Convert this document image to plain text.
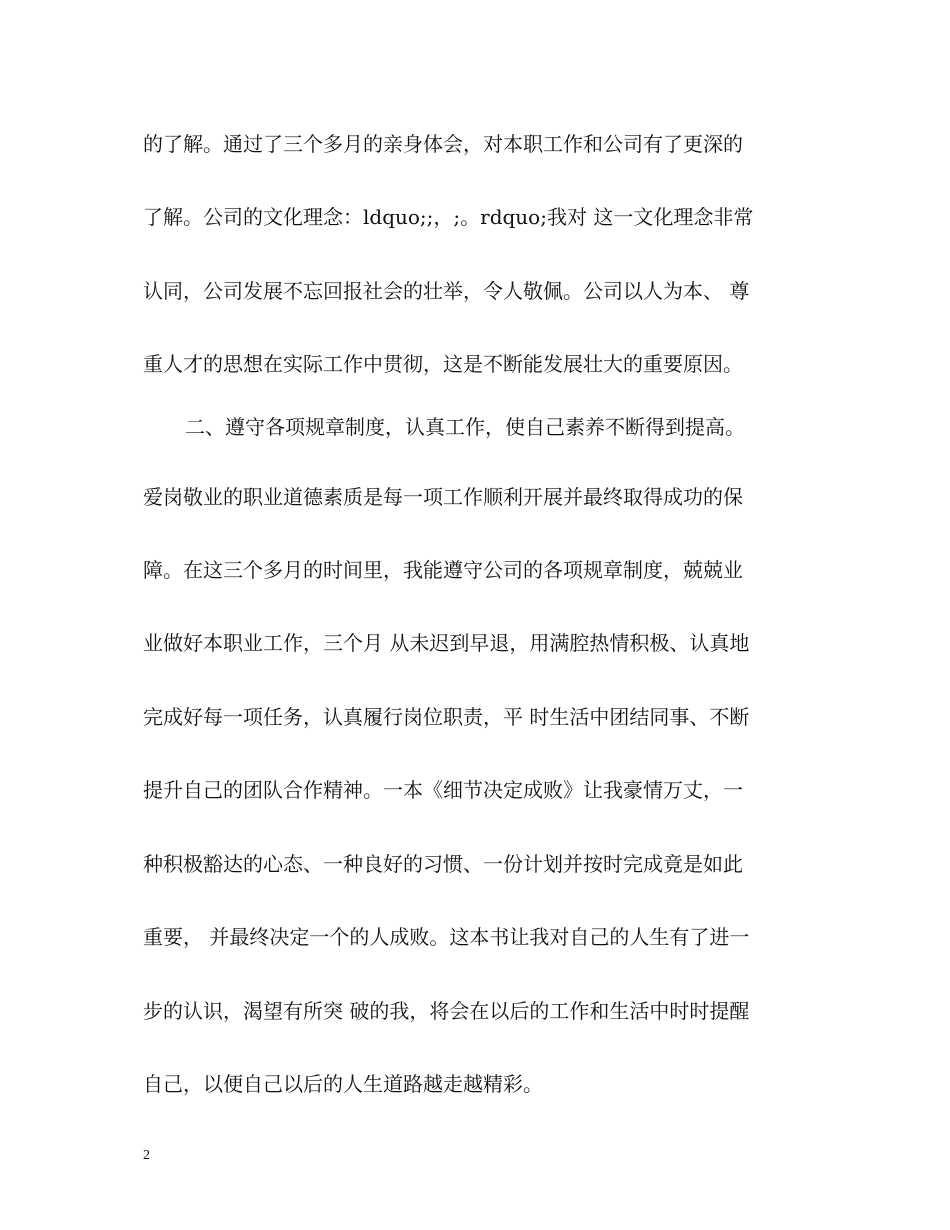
的了解。通过了三个多月的亲身体会，对本职工作和公司有了更深的
了解。公司的文化理念：ldquo;;，;。rdquo;我对 这一文化理念非常
认同，公司发展不忘回报社会的壮举，令人敬佩。公司以人为本、 尊
重人才的思想在实际工作中贯彻，这是不断能发展壮大的重要原因。
二、遵守各项规章制度，认真工作，使自己素养不断得到提高。
爱岗敬业的职业道德素质是每一项工作顺利开展并最终取得成功的保
障。在这三个多月的时间里，我能遵守公司的各项规章制度，兢兢业
业做好本职业工作，三个月 从未迟到早退，用满腔热情积极、认真地
完成好每一项任务，认真履行岗位职责，平 时生活中团结同事、不断
提升自己的团队合作精神。一本《细节决定成败》让我豪情万丈，一
种积极豁达的心态、一种良好的习惯、一份计划并按时完成竟是如此
重要， 并最终决定一个的人成败。这本书让我对自己的人生有了进一
步的认识，渴望有所突 破的我，将会在以后的工作和生活中时时提醒
自己，以便自己以后的人生道路越走越精彩。
2
